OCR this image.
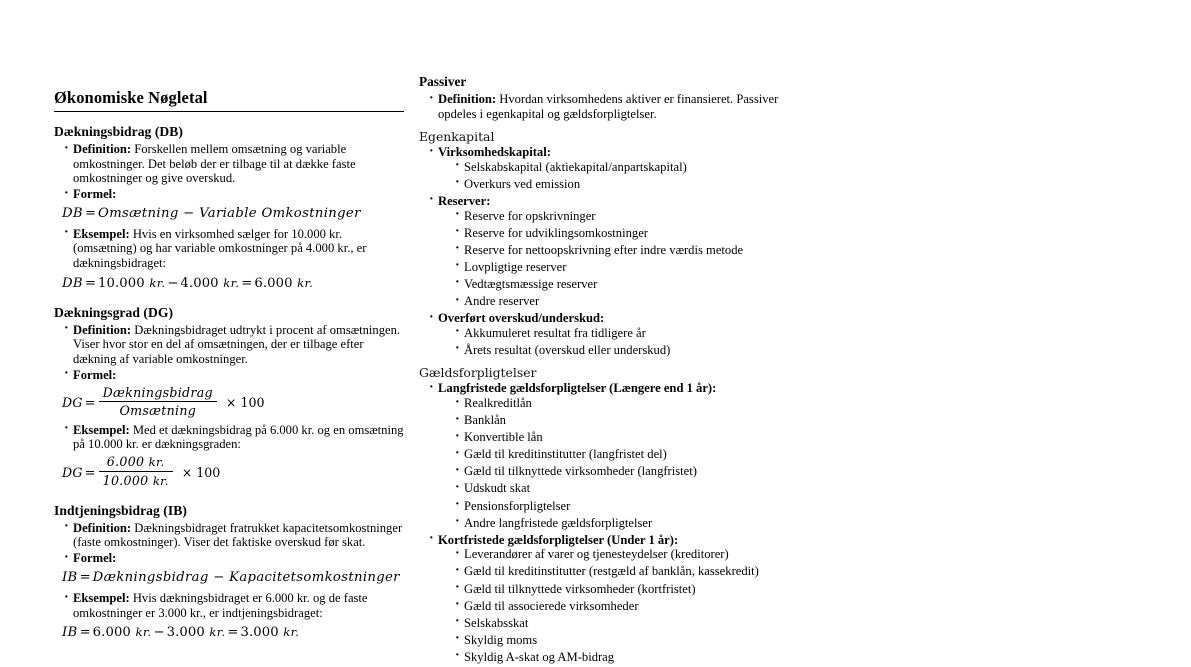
Økonomiske Nøgletal
Dækningsbidrag (DB)
· Definition: Forskellen mellem omsætning og variable omkostninger. Det beløb der er tilbage til at dække faste omkostninger og give overskud.
· Formel:
DB = Omsætning − Variable Omkostninger
· Eksempel: Hvis en virksomhed sælger for 10.000 kr. (omsætning) og har variable omkostninger på 4.000 kr., er dækningsbidraget:
DB = 10.000 kr. − 4.000 kr. = 6.000 kr.
Dækningsgrad (DG)
· Definition: Dækningsbidraget udtrykt i procent af omsætningen. Viser hvor stor en del af omsætningen, der er tilbage efter dækning af variable omkostninger.
· Formel:
DG = $\frac{\text{Dækningsbidrag}}{\text{Omsætning}} \times 100$
· Eksempel: Med et dækningsbidrag på 6.000 kr. og en omsætning på 10.000 kr. er dækningsgraden:
DG = $\frac{6.000 kr.}{10.000 kr.} \times 100$
Indtjeningsbidrag (IB)
· Definition: Dækningsbidraget fratrukket kapacitetsomkostninger (faste omkostninger). Viser det faktiske overskud før skat.
· Formel:
IB = Dækningsbidrag − Kapacitetsomkostninger
· Eksempel: Hvis dækningsbidraget er 6.000 kr. og de faste omkostninger er 3.000 kr., er indtjeningsbidraget:
IB = 6.000 kr. − 3.000 kr. = 3.000 kr.
Passiver
· Definition: Hvordan virksomhedens aktiver er finansieret. Passiver opdeles i egenkapital og gældsforpligtelser.
Egenkapital
· Virksomhedskapital:
· Selskabskapital (aktiekapital/anpartskapital)
· Overkurs ved emission
· Reserver:
· Reserve for opskrivninger
· Reserve for udviklingsomkostninger
· Reserve for nettoopskrivning efter indre værdis metode
· Lovpligtige reserver
· Vedtægtsmæssige reserver
· Andre reserver
· Overført overskud/underskud:
· Akkumuleret resultat fra tidligere år
· Årets resultat (overskud eller underskud)
Gældsforpligtelser
· Langfristede gældsforpligtelser (Længere end 1 år):
· Realkreditlån
· Banklån
· Konvertible lån
· Gæld til kreditinstitutter (langfristet del)
· Gæld til tilknyttede virksomheder (langfristet)
· Udskudt skat
· Pensionsforpligtelser
· Andre langfristede gældsforpligtelser
· Kortfristede gældsforpligtelser (Under 1 år):
· Leverandører af varer og tjenesteydelser (kreditorer)
· Gæld til kreditinstitutter (restgæld af banklån, kassekredit)
· Gæld til tilknyttede virksomheder (kortfristet)
· Gæld til associerede virksomheder
· Selskabsskat
· Skyldig moms
· Skyldig A-skat og AM-bidrag
